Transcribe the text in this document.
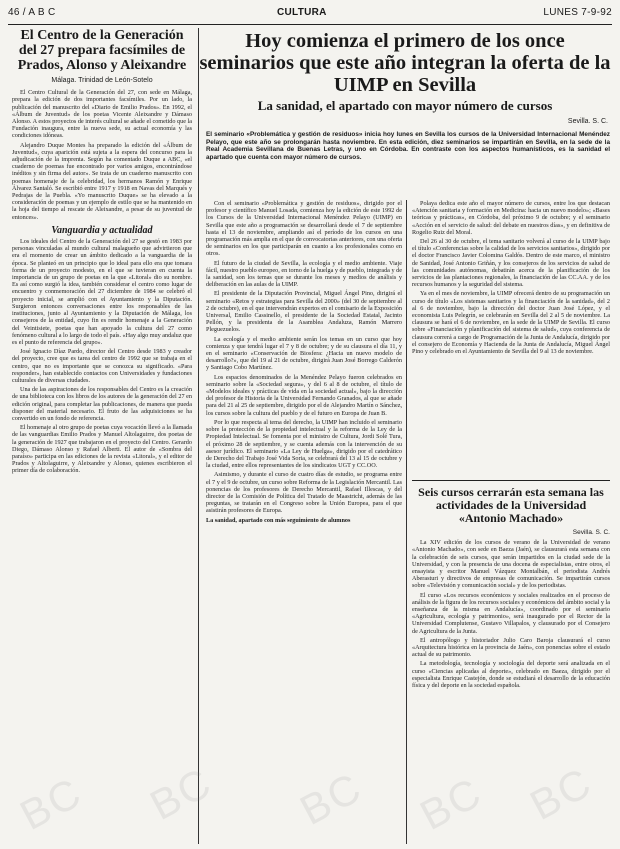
46 / A B C	CULTURA	LUNES 7-9-92
El Centro de la Generación del 27 prepara facsímiles de Prados, Alonso y Aleixandre
Málaga. Trinidad de León-Sotelo

El Centro Cultural de la Generación del 27, con sede en Málaga, prepara la edición de dos importantes facsímiles. Por un lado, la publicación del manuscrito del «Diario de Emilio Prados». En 1992, el «Álbum de Juventud» de los poetas Vicente Aleixandre y Dámaso Alonso. A estos proyectos de interés cultural se añade el cometido que la Fundación inaugura, entre la nueva sede, su actual economía y las condiciones idóneas.

Alejandro Duque Montes ha preparado la edición del «Álbum de Juventud», cuya aparición está sujeta a la espera del concurso para la adjudicación de la imprenta. Según ha comentado Duque a ABC, «el cuaderno de poemas fue encontrado por varios amigos, encontrándose inéditos y sin firma del autor». Se trata de un cuaderno manuscrito con poemas homenaje de la celebridad, los hermanos Ramón y Enrique Álvarez Santaló. Se escribió entre 1917 y 1918 en Navas del Marqués y Pedrajas de la Puebla. «Yo manuscrito Duque» se ha elevado a la consideración de poemas y un ejemplo de estilo que se ha mantenido en la hoja del tiempo al rescate de Aleixandre, a pesar de su juventud de entonces».

Vanguardia y actualidad

Los ideales del Centro de la Generación del 27 se gestó en 1983 por personas vinculadas al mundo cultural malagueño que advirtieron que era el momento de crear un ámbito dedicado a la vanguardia de la época. Se planteó en un principio que lo ideal para ello era que tomara forma de un proyecto modesto, en el que se tuvieran en cuenta la importancia de un grupo de poetas en la que «Litoral» dio su nombre. Es así como surgió la idea, también considerar el centro como lugar de encuentro y conmemoración del 27 diciembre de 1984 se celebró el proyecto inicial, se amplió con el Ayuntamiento y la Diputación. Surgieron entonces conversaciones entre los responsables de las instituciones, junto al Ayuntamiento y la Diputación de Málaga, los consejeros de la entidad, cuyo fin es rendir homenaje a la Generación del Veintisiete, poetas que han apoyado la cultura del 27 como fenómeno cultural a lo largo de todo el país. «Hay algo muy andaluz que es el punto de referencia del grupo».

José Ignacio Díaz Pardo, director del Centro desde 1983 y creador del proyecto, cree que es tarea del centro de 1992 que se trabaja en el centro, que no es importante que se conozca su significado. «Para responder», han establecido contactos con Universidades y fundaciones culturales de diversas ciudades.

Una de las aspiraciones de los responsables del Centro es la creación de una biblioteca con los libros de los autores de la generación del 27 en edición original, para completar las publicaciones, de manera que pueda disponer del material necesario. El fruto de las adquisiciones se ha convertido en un fondo de referencia.

El homenaje al otro grupo de poetas cuya vocación llevó a la llamada de las vanguardias Emilio Prados y Manuel Altolaguirre, dos poetas de la generación de 1927 que trabajaron en el proyecto del Centro. Gerardo Diego, Dámaso Alonso y Rafael Alberti. El autor de «Sombra del paraíso» participa en las ediciones de la revista «Litoral», y el editor de Prados y Altolaguirre, y Aleixandre y Alonso, quienes escribieron el primer día de colaboración.

Hoy comienza el primero de los once seminarios que este año integran la oferta de la UIMP en Sevilla
La sanidad, el apartado con mayor número de cursos
Sevilla. S. C.

El seminario «Problemática y gestión de residuos» inicia hoy lunes en Sevilla los cursos de la Universidad Internacional Menéndez Pelayo, que este año se prolongarán hasta noviembre. En esta edición, diez seminarios se impartirán en Sevilla, en la sede de la Real Academia Sevillana de Buenas Letras, y uno en Córdoba. En contraste con los aspectos humanísticos, es la sanidad el apartado que cuenta con mayor número de cursos.

Con el seminario «Problemática y gestión de residuos», dirigido por el profesor y científico Manuel Losada, comienza hoy la edición de este 1992 de los Cursos de la Universidad Internacional Menéndez Pelayo (UIMP) en Sevilla que este año a programación se desarrollará desde el 7 de septiembre hasta el 13 de noviembre, ampliando así el período de los cursos en una programación más amplia en el que de convocatorias anteriores, con una oferta de seminarios en los que participarán en cuanto a los profesionales como en otros.

El futuro de la ciudad de Sevilla, la ecología y el medio ambiente. Viaje fácil, nuestro pueblo europeo, en torno de la huelga y de pueblo, integrada y de la sanidad, son los temas que se durante los meses y medios de análisis y deliberación en las aulas de la UIMP.

El presidente de la Diputación Provincial, Miguel Ángel Pino, dirigirá el seminario «Retos y estrategias para Sevilla del 2000» (del 30 de septiembre al 2 de octubre), en el que intervendrán expertos en el comisario de la Exposición Universal, Emilio Cassinello, el presidente de la Sociedad Estatal, Jacinto Pellón, y la presidenta de la Asamblea Andaluza, Ramón Marrero Pleguezuelos.

La ecología y el medio ambiente serán los temas en un curso que hoy comienza y que tendrá lugar el 7 y 8 de octubre; y de su clausura el día 11, y en el seminario «Conservación de Biosfera: ¿Hacia un nuevo modelo de desarrollo?», que del 19 al 21 de octubre, dirigirá Juan José Borrego Calderón y Santiago Cobo Martínez.

Los espacios denominados de la Menéndez Pelayo fueron celebrados en seminario sobre la «Sociedad segura», y del 6 al 8 de octubre, el título de «Modelos ideales y prácticas de vida en la sociedad actual», bajo la dirección del profesor de Historia de la Universidad Fernando Granados, al que se añade para del 21 al 25 de septiembre, dirigido por el de Alejandro Martín o Sánchez, los cursos sobre la cultura del pueblo y de el futuro en Europa de Juan B.

Por lo que respecta al tema del derecho, la UIMP han incluido el seminario sobre la protección de la propiedad intelectual y la reforma de la Ley de la Propiedad Intelectual. Se fomenta por el ministro de Cultura, Jordi Solé Tura, el próximo 28 de septiembre, y se cuenta además con la intervención de su asesor jurídico. El seminario «La Ley de Huelga», dirigido por el catedrático de Derecho del Trabajo José Vida Soria, se celebrará del 13 al 15 de octubre y la ciudad, entre ellos representantes de los sindicatos UGT y CC.OO.

Asimismo, y durante el curso de cuatro días de estudio, se programa entre el 7 y el 9 de octubre, un curso sobre Reforma de la Legislación Mercantil. Las ponencias de los profesores de Derecho Mercantil, Rafael Illescas, y del director de la Comisión de Política del Tratado de Maastricht, además de las preguntas, se tratarán en el Congreso sobre la Unión Europea, para el que asistirán profesores de Europa.

La sanidad, apartado con más seguimiento de alumnos

Polaya dedica este año el mayor número de cursos, entre los que destacan «Atención sanitaria y formación en Medicina: hacia un nuevo modelo»; «Bases teóricas y prácticas», en Córdoba, del próximo 9 de octubre; y el seminario «Acción en el servicio de salud: del debate en nuestros días», y en definitiva de Rogelio Ruiz del Moral.

Del 26 al 30 de octubre, el tema sanitario volverá al curso de la UIMP bajo el título «Conferencias sobre la calidad de los servicios sanitarios», dirigido por el doctor Francisco Javier Colomina Galdós. Dentro de este marco, el ministro de Sanidad, José Antonio Griñán, y los consejeros de los servicios de salud de las comunidades autónomas, debatirán acerca de la planificación de los servicios de las plantaciones regionales, la financiación de las CC.AA. y de los recursos humanos y la seguridad del sistema.

Ya en el mes de noviembre, la UIMP ofrecerá dentro de su programación un curso de título «Los sistemas sanitarios y la financiación de la sanidad», del 2 al 6 de noviembre, bajo la dirección del doctor Juan José López, y el economista Luis Pelegrín, se celebrarán en Sevilla del 2 al 5 de noviembre. La clausura se hará el 6 de noviembre, en la sede de la UIMP de Sevilla. El curso sobre «Financiación y planificación del sistema de salud», cuya conferencia de clausura correrá a cargo de Programación de la Junta de Andalucía, dirigido por el consejero de Economía y Hacienda de la Junta de Andalucía, Miguel Ángel Pino y celebrado en el Ayuntamiento de Sevilla del 9 al 13 de noviembre.

Seis cursos cerrarán esta semana las actividades de la Universidad «Antonio Machado»
Sevilla. S. C.

La XIV edición de los cursos de verano de la Universidad de verano «Antonio Machado», con sede en Baeza (Jaén), se clausurará esta semana con la celebración de seis cursos, que serán impartidos en la ciudad sede de la Universidad, y con la presencia de una docena de especialistas, entre otros, el ensayista y escritor Manuel Vázquez Montalbán, el periodista Andrés Aberasturi y directivos de empresas de comunicación. Se impartirán cursos sobre «Televisión y comunicación social» y de los periodistas.

El curso «Los recursos económicos y sociales realizados en el proceso de análisis de la figura de los recursos sociales y económicos del ámbito social y la enseñanza de la misma en Andalucía», coordinado por el seminario «Agricultura, ecología y patrimonio», será inaugurado por el Rector de la Universidad Complutense, Gustavo Villapalos, y clausurado por el Consejero de Agricultura de la Junta.

El antropólogo y historiador Julio Caro Baroja clausurará el curso «Arquitectura histórica en la provincia de Jaén», con ponencias sobre el estado actual de su patrimonio.

La metodología, tecnología y sociología del deporte será analizada en el curso «Ciencias aplicadas al deporte», celebrado en Baeza, dirigido por el especialista Enrique Castejón, donde se estudiará el desarrollo de la educación física y del deporte en la sociedad española.

BC BC BC BC BC
